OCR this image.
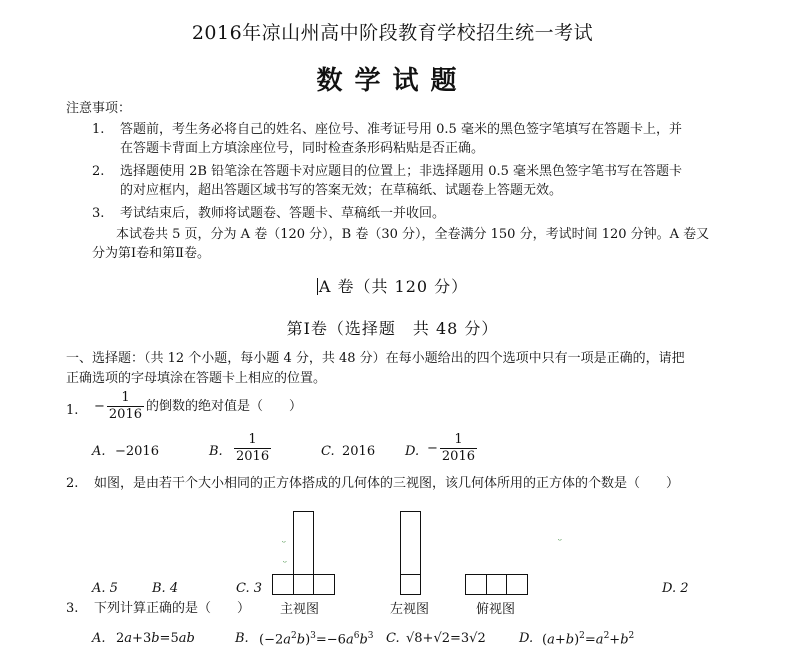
2016年凉山州高中阶段教育学校招生统一考试
数学试题
注意事项：
1. 答题前，考生务必将自己的姓名、座位号、准考证号用 0.5 毫米的黑色签字笔填写在答题卡上，并
在答题卡背面上方填涂座位号，同时检查条形码粘贴是否正确。
2. 选择题使用 2B 铅笔涂在答题卡对应题目的位置上；非选择题用 0.5 毫米黑色签字笔书写在答题卡
的对应框内，超出答题区域书写的答案无效；在草稿纸、试题卷上答题无效。
3. 考试结束后，教师将试题卷、答题卡、草稿纸一并收回。
本试卷共 5 页，分为 A 卷（120 分），B 卷（30 分），全卷满分 150 分，考试时间 120 分钟。A 卷又
分为第Ⅰ卷和第Ⅱ卷。
A 卷（共 120 分）
第Ⅰ卷（选择题　共 48 分）
一、选择题：（共 12 个小题，每小题 4 分，共 48 分）在每小题给出的四个选项中只有一项是正确的，请把
正确选项的字母填涂在答题卡上相应的位置。
1. − $\frac{1}{2016}$ 的倒数的绝对值是（　　）
A. −2016	B. $\frac{1}{2016}$	C. 2016 D. − $\frac{1}{2016}$
2. 如图，是由若干个大小相同的正方体搭成的几何体的三视图，该几何体所用的正方体的个数是（　　）
ᵕ
ᵕ
ᵕ
A. 5	B. 4	C. 3	D. 2
主视图	左视图	俯视图
3. 下列计算正确的是（　　）
A. 2a+3b=5ab	B. $(-2a^2b)^3=-6a^6b^3$ C. √8+√2=3√2	D. $(a+b)^2=a^2+b^2$
